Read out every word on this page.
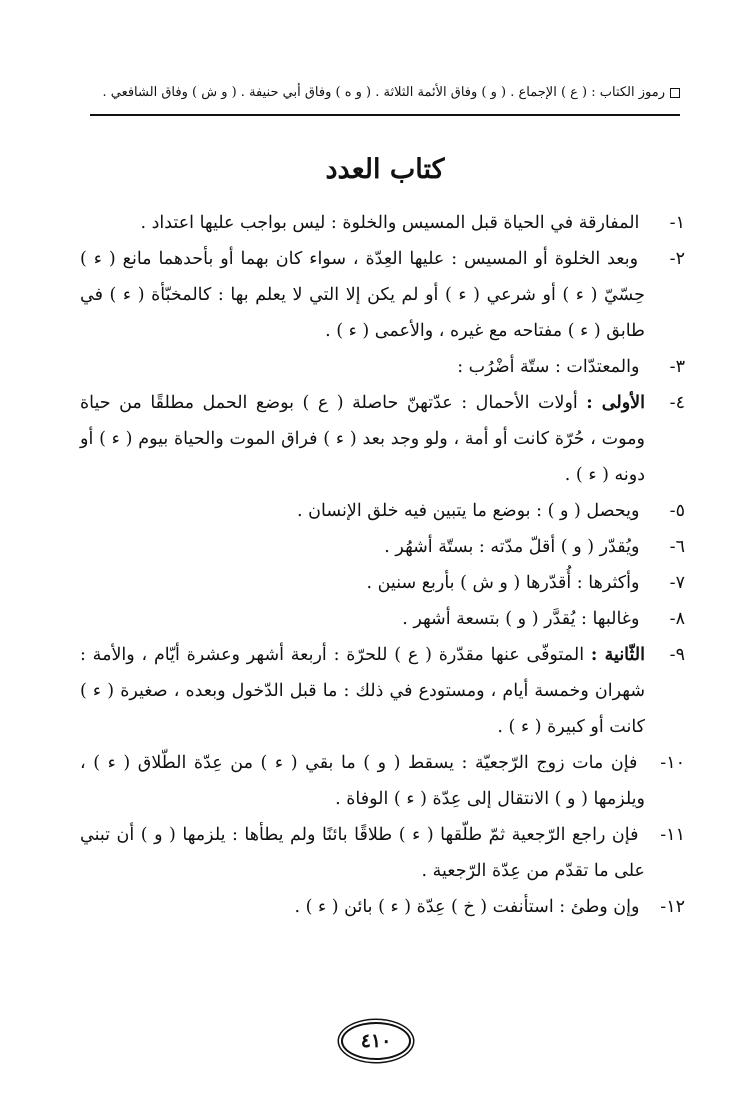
رموز الكتاب : ( ع ) الإجماع . ( و ) وفاق الأئمة الثلاثة . ( و ه ) وفاق أبي حنيفة . ( و ش ) وفاق الشافعي .
كتاب العدد
١- المفارقة في الحياة قبل المسيس والخلوة : ليس بواجب عليها اعتداد .
٢- وبعد الخلوة أو المسيس : عليها العِدّة ، سواء كان بهما أو بأحدهما مانع ( ء ) حِسّيّ ( ء ) أو شرعي ( ء ) أو لم يكن إلا التي لا يعلم بها : كالمخبّأة ( ء ) في طابق ( ء ) مفتاحه مع غيره ، والأعمى ( ء ) .
٣- والمعتدّات : ستّة أضْرُب :
٤-الأولى : أولات الأحمال : عدّتهنّ حاصلة ( ع ) بوضع الحمل مطلقًا من حياة وموت ، حُرّة كانت أو أمة ، ولو وجد بعد ( ء ) فراق الموت والحياة بيوم ( ء ) أو دونه ( ء ) .
٥- ويحصل ( و ) : بوضع ما يتبين فيه خلق الإنسان .
٦- ويُقدّر ( و ) أقلّ مدّته : بستّة أشهُر .
٧- وأكثرها : أُقدّرها ( و ش ) بأربع سنين .
٨- وغالبها : يُقدَّر ( و ) بتسعة أشهر .
٩-الثّانية : المتوفّى عنها مقدّرة ( ع ) للحرّة : أربعة أشهر وعشرة أيّام ، والأمة : شهران وخمسة أيام ، ومستودع في ذلك : ما قبل الدّخول وبعده ، صغيرة ( ء ) كانت أو كبيرة ( ء ) .
١٠- فإن مات زوج الرّجعيّة : يسقط ( و ) ما بقي ( ء ) من عِدّة الطّلاق ( ء ) ، ويلزمها ( و ) الانتقال إلى عِدّة ( ء ) الوفاة .
١١- فإن راجع الرّجعية ثمّ طلّقها ( ء ) طلاقًا بائنًا ولم يطأها : يلزمها ( و ) أن تبني على ما تقدّم من عِدّة الرّجعية .
١٢- وإن وطئ : استأنفت ( خ ) عِدّة ( ء ) بائن ( ء ) .
٤١٠
